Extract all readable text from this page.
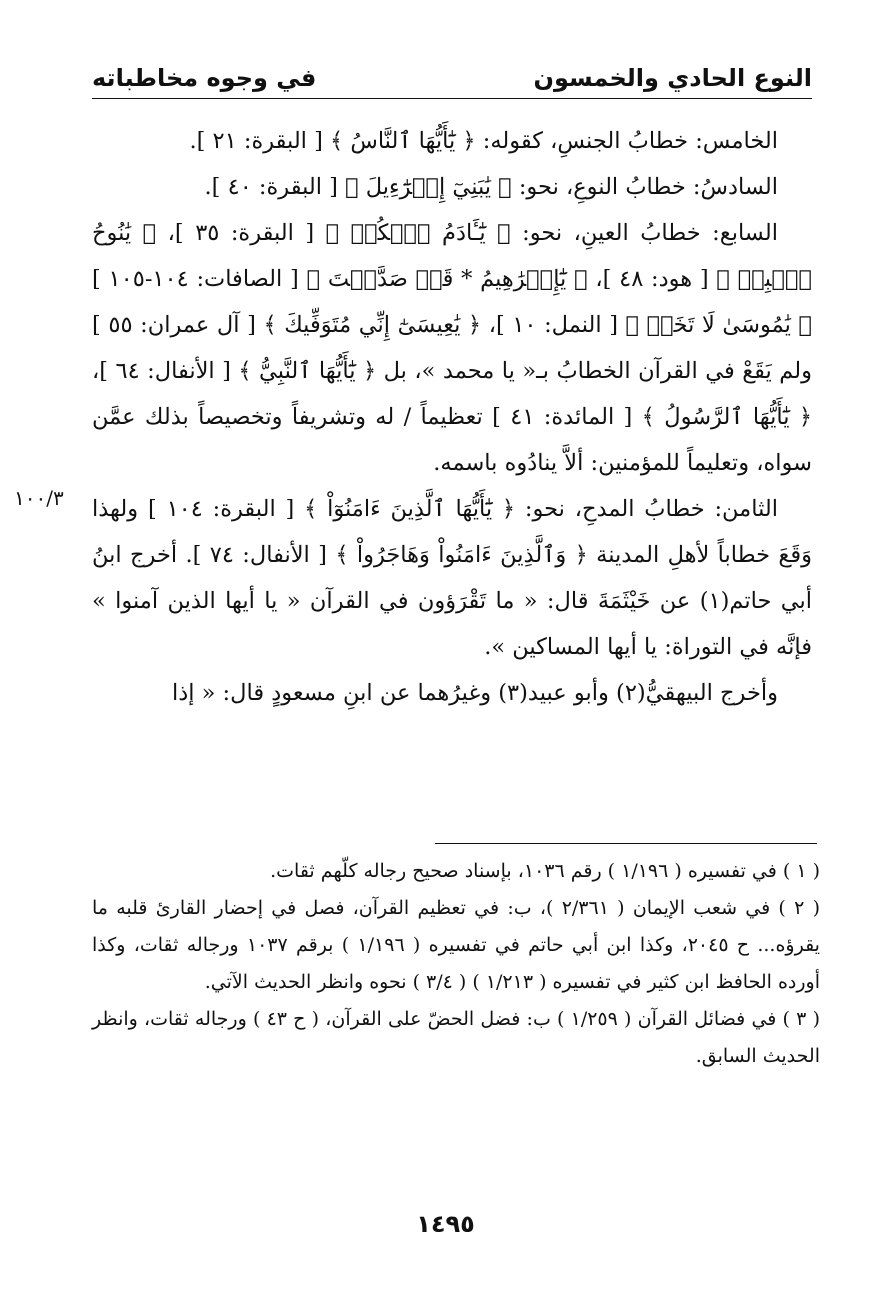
النوع الحادي والخمسون
في وجوه مخاطباته

الخامس: خطابُ الجنسِ، كقوله: ﴿ يَٰٓأَيُّهَا ٱلنَّاسُ ﴾ [ البقرة: ٢١ ].

السادسُ: خطابُ النوعِ، نحو: ﴿ يَٰبَنِيٓ إِسۡرَٰٓءِيلَ ﴾ [ البقرة: ٤٠ ].

السابع: خطابُ العينِ، نحو: ﴿ يَٰٓـَٔادَمُ ٱسۡكُنۡ ﴾ [ البقرة: ٣٥ ]، ﴿ يَٰنُوحُ ٱهۡبِطۡ ﴾ [ هود: ٤٨ ]، ﴿ يَٰٓإِبۡرَٰهِيمُ * قَدۡ صَدَّقۡتَ ﴾ [ الصافات: ١٠٤-١٠٥ ] ﴿ يَٰمُوسَىٰ لَا تَخَفۡ ﴾ [ النمل: ١٠ ]، ﴿ يَٰعِيسَىٰٓ إِنِّي مُتَوَفِّيكَ ﴾ [ آل عمران: ٥٥ ] ولم يَقَعْ في القرآن الخطابُ بـ« يا محمد »، بل ﴿ يَٰٓأَيُّهَا ٱلنَّبِيُّ ﴾ [ الأنفال: ٦٤ ]، ﴿ يَٰٓأَيُّهَا ٱلرَّسُولُ ﴾ [ المائدة: ٤١ ] تعظيماً / له وتشريفاً وتخصيصاً بذلك عمَّن سواه، وتعليماً للمؤمنين: ألاَّ ينادُوه باسمه.

الثامن: خطابُ المدحِ، نحو: ﴿ يَٰٓأَيُّهَا ٱلَّذِينَ ءَامَنُوٓاْ ﴾ [ البقرة: ١٠٤ ] ولهذا وَقَعَ خطاباً لأهلِ المدينة ﴿ وَٱلَّذِينَ ءَامَنُواْ وَهَاجَرُواْ ﴾ [ الأنفال: ٧٤ ]. أخرج ابنُ أبي حاتم(١) عن خَيْثَمَةَ قال: « ما تَقْرَؤون في القرآن « يا أيها الذين آمنوا » فإنَّه في التوراة: يا أيها المساكين ».

وأخرج البيهقيُّ(٢) وأبو عبيد(٣) وغيرُهما عن ابنِ مسعودٍ قال: « إذا

١٠٠/٣

( ١ ) في تفسيره ( ١/١٩٦ ) رقم ١٠٣٦، بإسناد صحيح رجاله كلّهم ثقات.

( ٢ ) في شعب الإيمان ( ٢/٣٦١ )، ب: في تعظيم القرآن، فصل في إحضار القارئ قلبه ما يقرؤه... ح ٢٠٤٥، وكذا ابن أبي حاتم في تفسيره ( ١/١٩٦ ) برقم ١٠٣٧ ورجاله ثقات، وكذا أورده الحافظ ابن كثير في تفسيره ( ١/٢١٣ ) ( ٣/٤ ) نحوه وانظر الحديث الآتي.

( ٣ ) في فضائل القرآن ( ١/٢٥٩ ) ب: فضل الحضّ على القرآن، ( ح ٤٣ ) ورجاله ثقات، وانظر الحديث السابق.

١٤٩٥
